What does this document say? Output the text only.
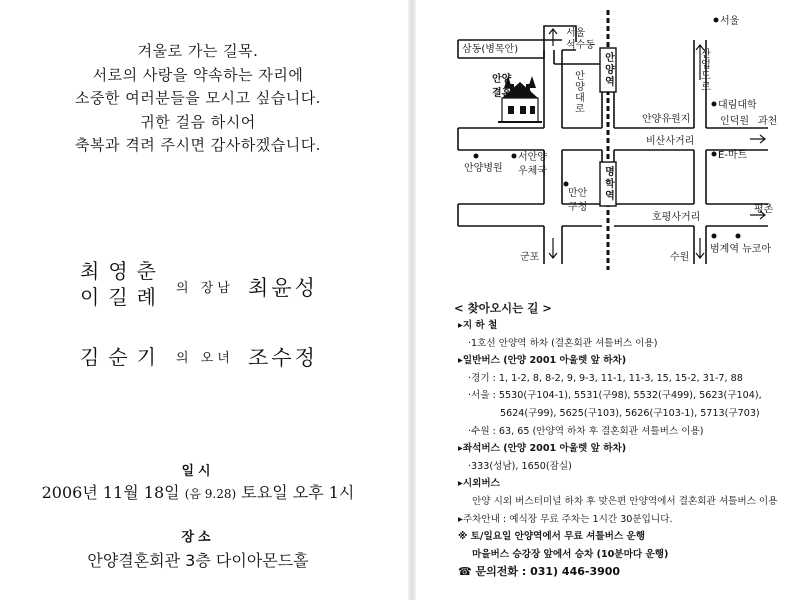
겨울로 가는 길목.
서로의 사랑을 약속하는 자리에
소중한 여러분들을 모시고 싶습니다.
귀한 걸음 하시어
축복과 격려 주시면 감사하겠습니다.
최영춘
이길례 의 장남 최윤성
김순기 의 오녀 조수정
일시
2006년 11월 18일 (음 9.28) 토요일 오후 1시
장소
안양결혼회관 3층 다이아몬드홀
삼동(병목안)
서울
석수동
서울
안양
결혼회관
안양병원
서안양
우체국
만안
구청
안양유원지
비산사거리
대림대학
인덕원 과천
E-마트
평촌
호평사거리
군포	수원
범계역 뉴코아
안양대로	산업도로
안양역
명학역
< 찾아오시는 길 >
▸지 하 철
·1호선 안양역 하차 (결혼회관 셔틀버스 이용)
▸일반버스 (안양 2001 아울렛 앞 하차)
·경기 : 1, 1-2, 8, 8-2, 9, 9-3, 11-1, 11-3, 15, 15-2, 31-7, 88
·서울 : 5530(구104-1), 5531(구98), 5532(구499), 5623(구104),
5624(구99), 5625(구103), 5626(구103-1), 5713(구703)
·수원 : 63, 65 (안양역 하차 후 결혼회관 셔틀버스 이용)
▸좌석버스 (안양 2001 아울렛 앞 하차)
·333(성남), 1650(잠실)
▸시외버스
안양 시외 버스터미널 하차 후 맞은편 안양역에서 결혼회관 셔틀버스 이용
▸주차안내 : 예식장 무료 주차는 1시간 30분입니다.
※ 토/일요일 안양역에서 무료 셔틀버스 운행
마을버스 승강장 앞에서 승차 (10분마다 운행)
☎ 문의전화 : 031) 446-3900
